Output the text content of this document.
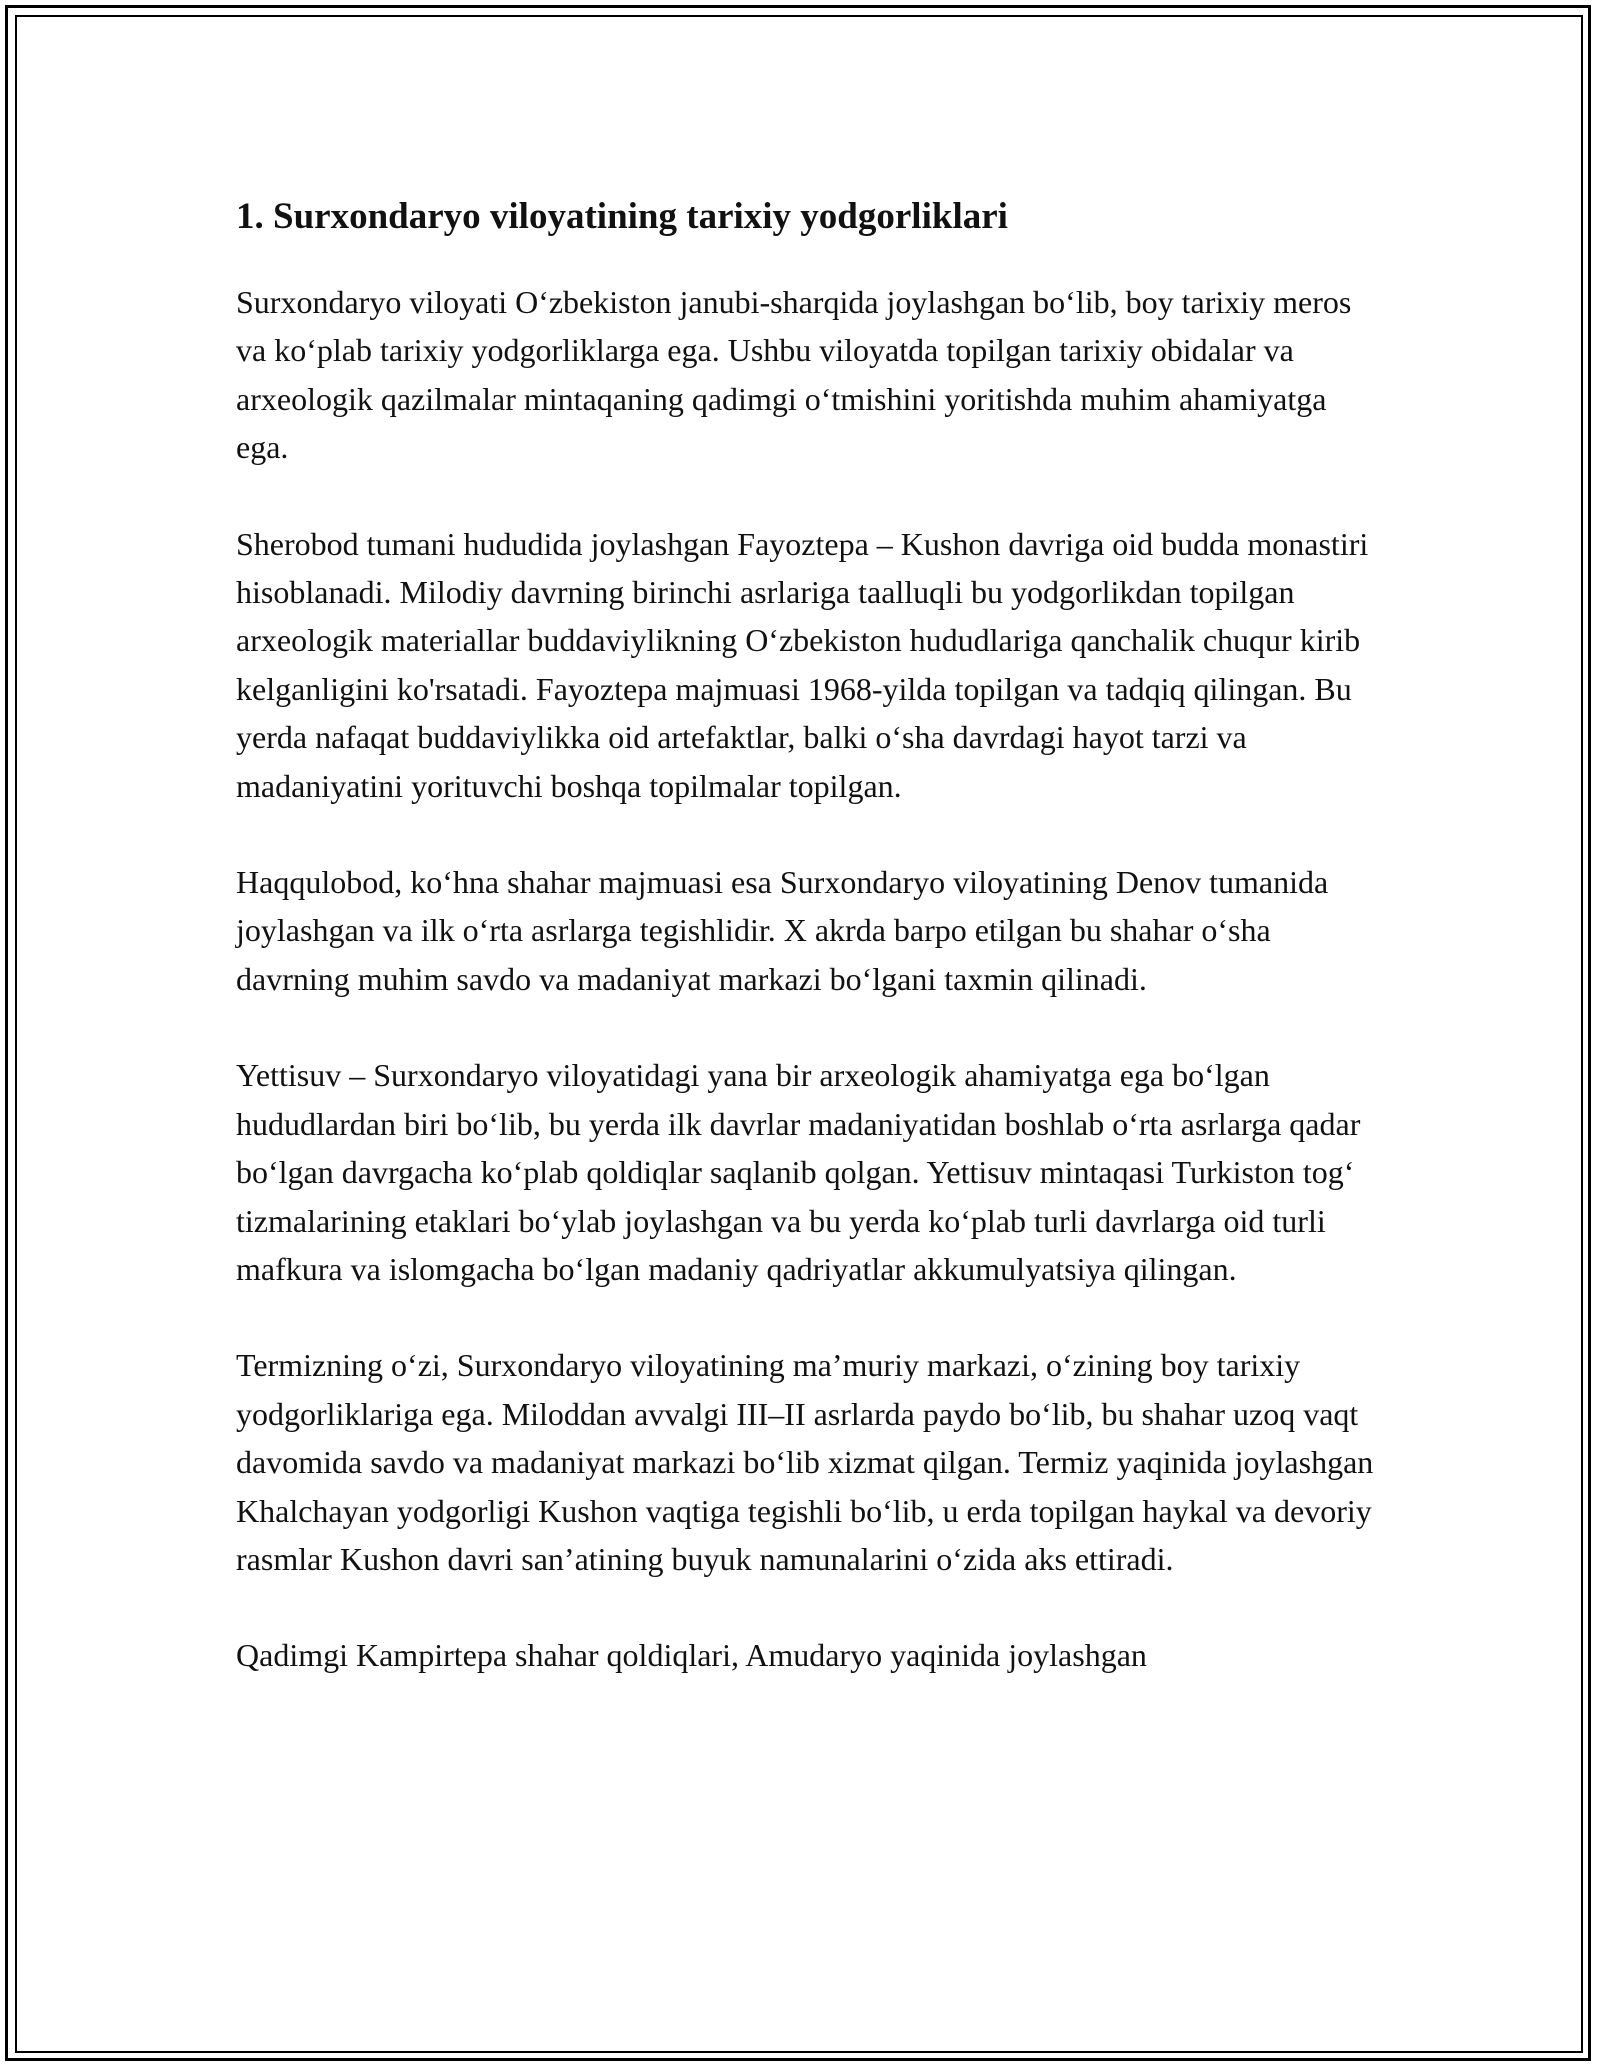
1. Surxondaryo viloyatining tarixiy yodgorliklari

Surxondaryo viloyati O‘zbekiston janubi-sharqida joylashgan bo‘lib, boy tarixiy meros va ko‘plab tarixiy yodgorliklarga ega. Ushbu viloyatda topilgan tarixiy obidalar va arxeologik qazilmalar mintaqaning qadimgi o‘tmishini yoritishda muhim ahamiyatga ega.

Sherobod tumani hududida joylashgan Fayoztepa – Kushon davriga oid budda monastiri hisoblanadi. Milodiy davrning birinchi asrlariga taalluqli bu yodgorlikdan topilgan arxeologik materiallar buddaviylikning O‘zbekiston hududlariga qanchalik chuqur kirib kelganligini ko'rsatadi. Fayoztepa majmuasi 1968-yilda topilgan va tadqiq qilingan. Bu yerda nafaqat buddaviylikka oid artefaktlar, balki o‘sha davrdagi hayot tarzi va madaniyatini yorituvchi boshqa topilmalar topilgan.

Haqqulobod, ko‘hna shahar majmuasi esa Surxondaryo viloyatining Denov tumanida joylashgan va ilk o‘rta asrlarga tegishlidir. X akrda barpo etilgan bu shahar o‘sha davrning muhim savdo va madaniyat markazi bo‘lgani taxmin qilinadi.

Yettisuv – Surxondaryo viloyatidagi yana bir arxeologik ahamiyatga ega bo‘lgan hududlardan biri bo‘lib, bu yerda ilk davrlar madaniyatidan boshlab o‘rta asrlarga qadar bo‘lgan davrgacha ko‘plab qoldiqlar saqlanib qolgan. Yettisuv mintaqasi Turkiston tog‘ tizmalarining etaklari bo‘ylab joylashgan va bu yerda ko‘plab turli davrlarga oid turli mafkura va islomgacha bo‘lgan madaniy qadriyatlar akkumulyatsiya qilingan.

Termizning o‘zi, Surxondaryo viloyatining ma’muriy markazi, o‘zining boy tarixiy yodgorliklariga ega. Miloddan avvalgi III–II asrlarda paydo bo‘lib, bu shahar uzoq vaqt davomida savdo va madaniyat markazi bo‘lib xizmat qilgan. Termiz yaqinida joylashgan Khalchayan yodgorligi Kushon vaqtiga tegishli bo‘lib, u erda topilgan haykal va devoriy rasmlar Kushon davri san’atining buyuk namunalarini o‘zida aks ettiradi.

Qadimgi Kampirtepa shahar qoldiqlari, Amudaryo yaqinida joylashgan
